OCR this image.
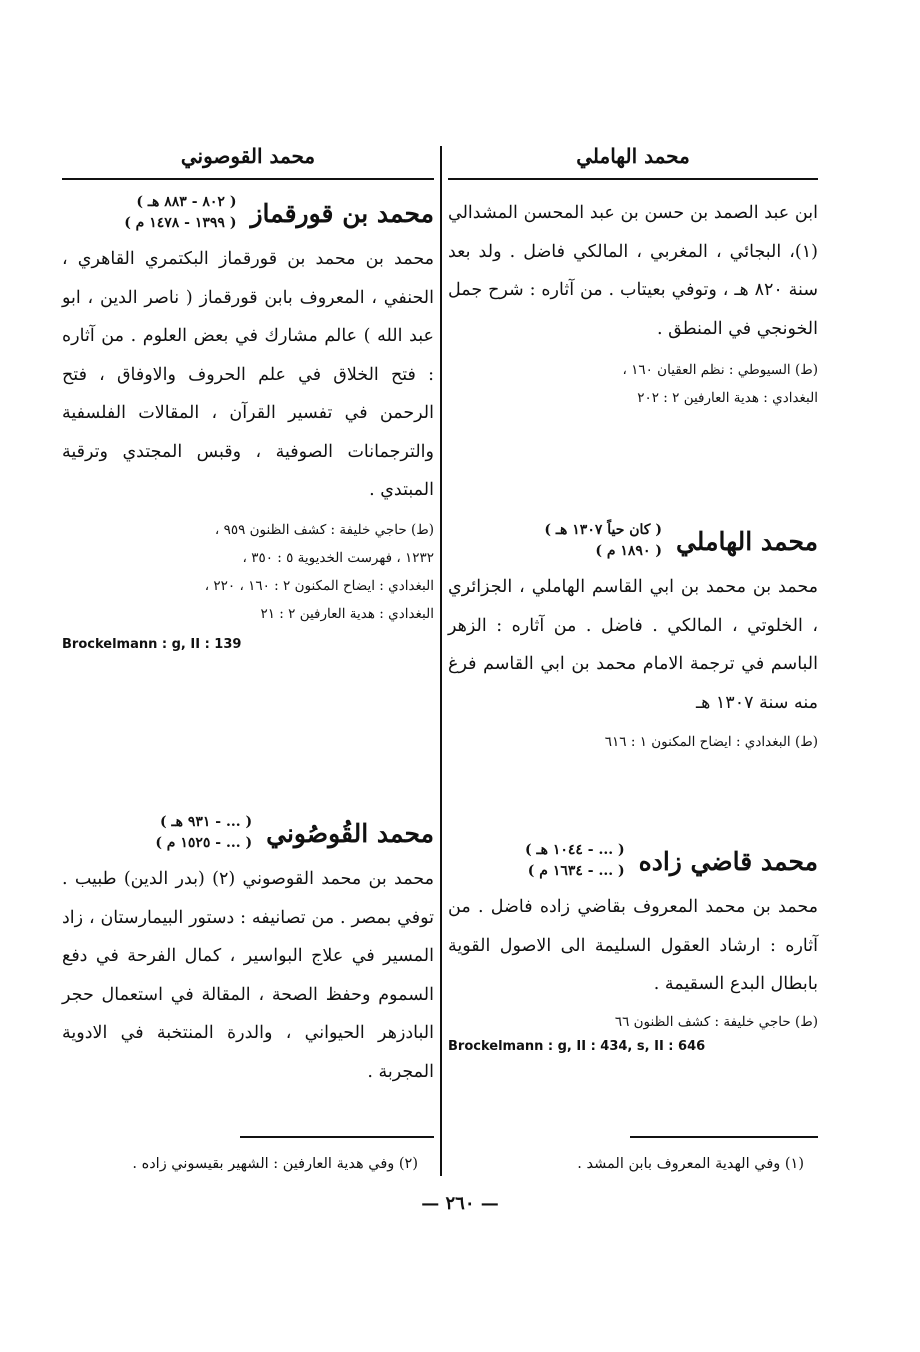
محمد الهاملي
محمد القوصوني

ابن عبد الصمد بن حسن بن عبد المحسن المشدالي (١)، البجائي ، المغربي ، المالكي فاضل . ولد بعد سنة ٨٢٠ هـ ، وتوفي بعيتاب . من آثاره : شرح جمل الخونجي في المنطق .

(ط) السيوطي : نظم العقيان ١٦٠ ،

البغدادي : هدية العارفين ٢ : ٢٠٢

محمد الهاملي
( كان حياً ١٣٠٧ هـ )
( ١٨٩٠ م )

محمد بن محمد بن ابي القاسم الهاملي ، الجزائري ، الخلوتي ، المالكي . فاضل . من آثاره : الزهر الباسم في ترجمة الامام محمد بن ابي القاسم فرغ منه سنة ١٣٠٧ هـ

(ط) البغدادي : ايضاح المكنون ١ : ٦١٦

محمد قاضي زاده
( ... - ١٠٤٤ هـ )
( ... - ١٦٣٤ م )

محمد بن محمد المعروف بقاضي زاده فاضل . من آثاره : ارشاد العقول السليمة الى الاصول القوية بابطال البدع السقيمة .

(ط) حاجي خليفة : كشف الظنون ٦٦

Brockelmann : g, II : 434, s, II : 646

(١) وفي الهدية المعروف بابن المشد .
محمد بن قورقماز
( ٨٠٢ - ٨٨٣ هـ )
( ١٣٩٩ - ١٤٧٨ م )

محمد بن محمد بن قورقماز البكتمري القاهري ، الحنفي ، المعروف بابن قورقماز ( ناصر الدين ، ابو عبد الله ) عالم مشارك في بعض العلوم . من آثاره : فتح الخلاق في علم الحروف والاوفاق ، فتح الرحمن في تفسير القرآن ، المقالات الفلسفية والترجمانات الصوفية ، وقبس المجتدي وترقية المبتدي .

(ط) حاجي خليفة : كشف الظنون ٩٥٩ ،

١٢٣٢ ، فهرست الخديوية ٥ : ٣٥٠ ،

البغدادي : ايضاح المكنون ٢ : ١٦٠ ، ٢٢٠ ،

البغدادي : هدية العارفين ٢ : ٢١

Brockelmann : g, II : 139

محمد القُوصُوني
( ... - ٩٣١ هـ )
( ... - ١٥٢٥ م )

محمد بن محمد القوصوني (٢) (بدر الدين) طبيب . توفي بمصر . من تصانيفه : دستور البيمارستان ، زاد المسير في علاج البواسير ، كمال الفرحة في دفع السموم وحفظ الصحة ، المقالة في استعمال حجر البادزهر الحيواني ، والدرة المنتخبة في الادوية المجربة .

(٢) وفي هدية العارفين : الشهير بقيسوني زاده .
— ٢٦٠ —
